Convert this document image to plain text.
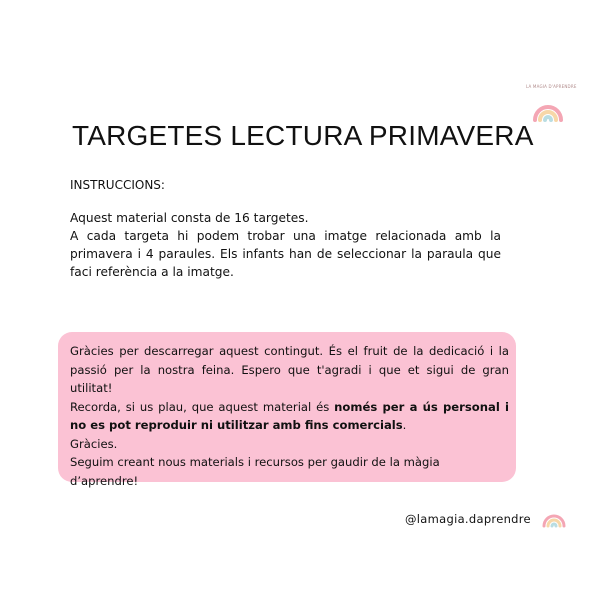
LA MAGIA D'APRENDRE
TARGETES LECTURA PRIMAVERA
INSTRUCCIONS:

Aquest material consta de 16 targetes.

A cada targeta hi podem trobar una imatge relacionada amb la primavera i 4 paraules. Els infants han de seleccionar la paraula que faci referència a la imatge.

Gràcies per descarregar aquest contingut. És el fruit de la dedicació i la passió per la nostra feina. Espero que t'agradi i que et sigui de gran utilitat!

Recorda, si us plau, que aquest material és només per a ús personal i no es pot reproduir ni utilitzar amb fins comercials.

Gràcies.

Seguim creant nous materials i recursos per gaudir de la màgia d’aprendre!

@lamagia.daprendre
